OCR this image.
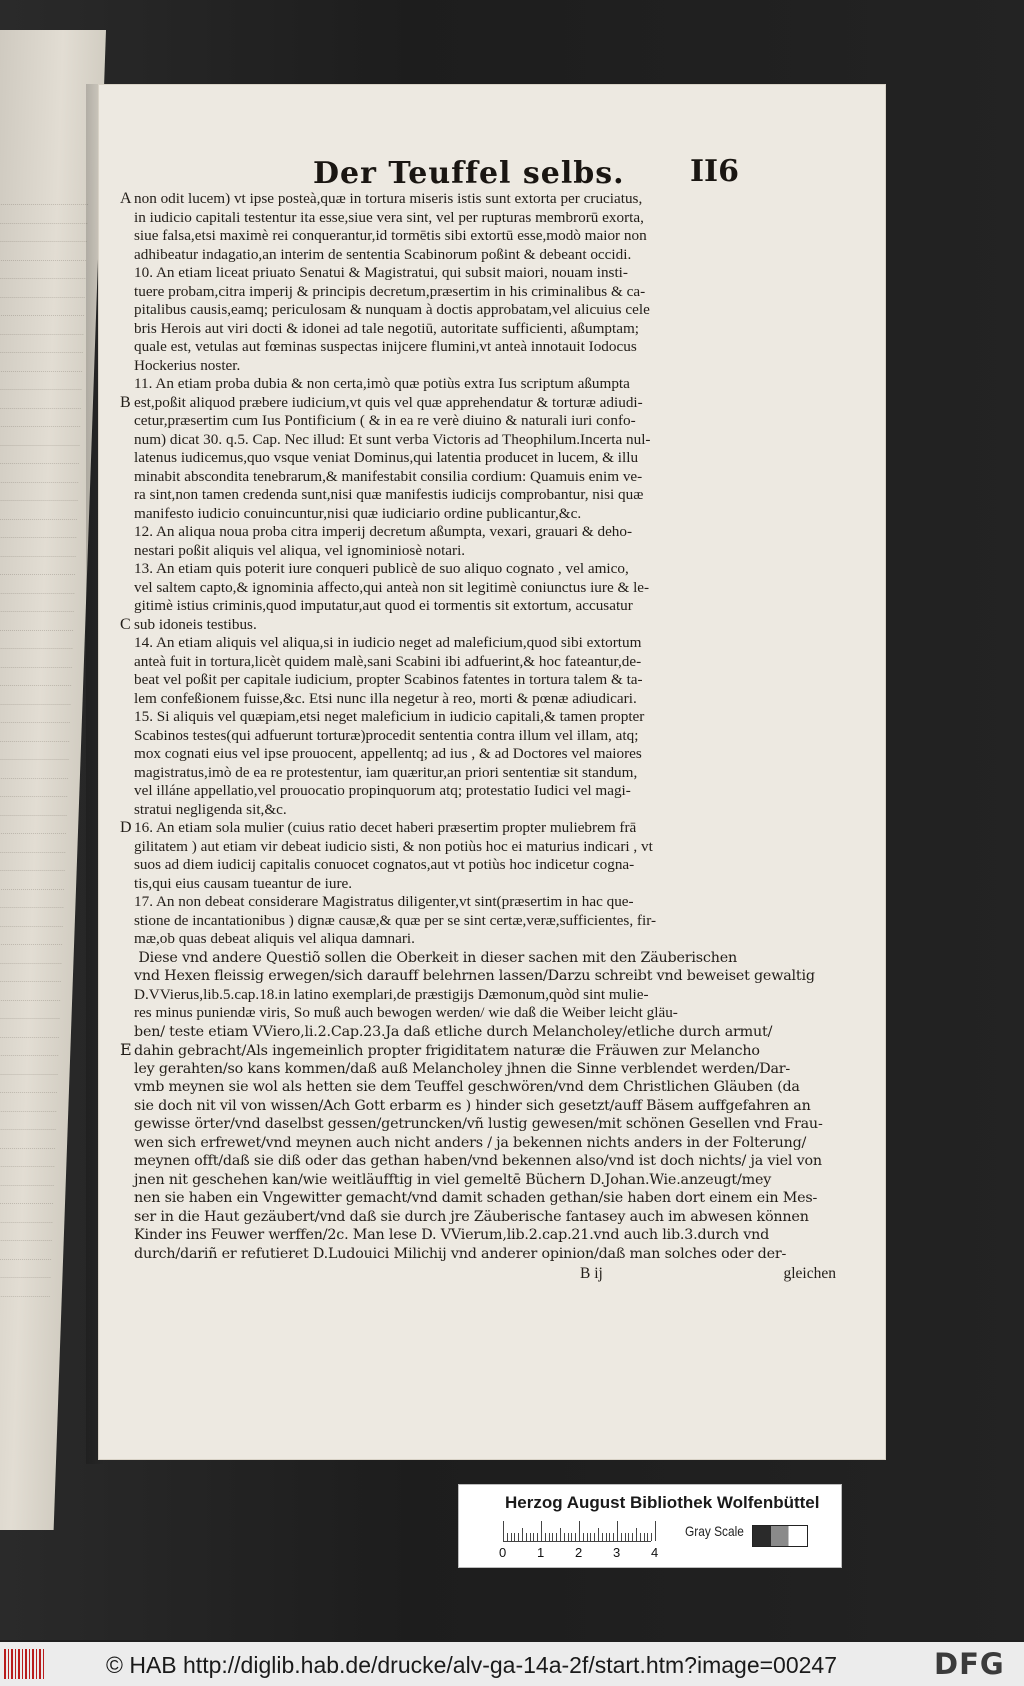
Der Teuffel selbs. II6
A non odit lucem) vt ipse posteà,quæ in tortura miseris istis sunt extorta per cruciatus,
in iudicio capitali testentur ita esse,siue vera sint, vel per rupturas membrorū exorta,
siue falsa,etsi maximè rei conquerantur,id tormētis sibi extortū esse,modò maior non
adhibeatur indagatio,an interim de sententia Scabinorum poßint & debeant occidi.
10. An etiam liceat priuato Senatui & Magistratui, qui subsit maiori, nouam insti-
tuere probam,citra imperij & principis decretum,præsertim in his criminalibus & ca-
pitalibus causis,eamq; periculosam & nunquam à doctis approbatam,vel alicuius cele
bris Herois aut viri docti & idonei ad tale negotiū, autoritate sufficienti, aßumptam;
quale est, vetulas aut fœminas suspectas inijcere flumini,vt anteà innotauit Iodocus
Hockerius noster.
11. An etiam proba dubia & non certa,imò quæ potiùs extra Ius scriptum aßumpta
B est,poßit aliquod præbere iudicium,vt quis vel quæ apprehendatur & torturæ adiudi-
cetur,præsertim cum Ius Pontificium ( & in ea re verè diuino & naturali iuri confo-
num) dicat 30. q.5. Cap. Nec illud: Et sunt verba Victoris ad Theophilum.Incerta nul-
latenus iudicemus,quo vsque veniat Dominus,qui latentia producet in lucem, & illu
minabit abscondita tenebrarum,& manifestabit consilia cordium: Quamuis enim ve-
ra sint,non tamen credenda sunt,nisi quæ manifestis iudicijs comprobantur, nisi quæ
manifesto iudicio conuincuntur,nisi quæ iudiciario ordine publicantur,&c.
12. An aliqua noua proba citra imperij decretum aßumpta, vexari, grauari & deho-
nestari poßit aliquis vel aliqua, vel ignominiosè notari.
13. An etiam quis poterit iure conqueri publicè de suo aliquo cognato , vel amico,
vel saltem capto,& ignominia affecto,qui anteà non sit legitimè coniunctus iure & le-
gitimè istius criminis,quod imputatur,aut quod ei tormentis sit extortum, accusatur
C sub idoneis testibus.
14. An etiam aliquis vel aliqua,si in iudicio neget ad maleficium,quod sibi extortum
anteà fuit in tortura,licèt quidem malè,sani Scabini ibi adfuerint,& hoc fateantur,de-
beat vel poßit per capitale iudicium, propter Scabinos fatentes in tortura talem & ta-
lem confeßionem fuisse,&c. Etsi nunc illa negetur à reo, morti & pœnæ adiudicari.
15. Si aliquis vel quæpiam,etsi neget maleficium in iudicio capitali,& tamen propter
Scabinos testes(qui adfuerunt torturæ)procedit sententia contra illum vel illam, atq;
mox cognati eius vel ipse prouocent, appellentq; ad ius , & ad Doctores vel maiores
magistratus,imò de ea re protestentur, iam quæritur,an priori sententiæ sit standum,
vel illáne appellatio,vel prouocatio propinquorum atq; protestatio Iudici vel magi-
stratui negligenda sit,&c.
D 16. An etiam sola mulier (cuius ratio decet haberi præsertim propter muliebrem frā
gilitatem ) aut etiam vir debeat iudicio sisti, & non potiùs hoc ei maturius indicari , vt
suos ad diem iudicij capitalis conuocet cognatos,aut vt potiùs hoc indicetur cogna-
tis,qui eius causam tueantur de iure.
17. An non debeat considerare Magistratus diligenter,vt sint(præsertim in hac que-
stione de incantationibus ) dignæ causæ,& quæ per se sint certæ,veræ,sufficientes, fir-
mæ,ob quas debeat aliquis vel aliqua damnari.
Diese vnd andere Questiõ sollen die Oberkeit in dieser sachen mit den Zäuberischen
vnd Hexen fleissig erwegen/sich darauff belehrnen lassen/Darzu schreibt vnd beweiset gewaltig
D.VVierus,lib.5.cap.18.in latino exemplari,de præstigijs Dæmonum,quòd sint mulie-
res minus puniendæ viris, So muß auch bewogen werden/ wie daß die Weiber leicht gläu-
ben/ teste etiam VViero,li.2.Cap.23.Ja daß etliche durch Melancholey/etliche durch armut/
E dahin gebracht/Als ingemeinlich propter frigiditatem naturæ die Fräuwen zur Melancho
ley gerahten/so kans kommen/daß auß Melancholey jhnen die Sinne verblendet werden/Dar-
vmb meynen sie wol als hetten sie dem Teuffel geschwören/vnd dem Christlichen Gläuben (da
sie doch nit vil von wissen/Ach Gott erbarm es ) hinder sich gesetzt/auff Bäsem auffgefahren an
gewisse örter/vnd daselbst gessen/getruncken/vñ lustig gewesen/mit schönen Gesellen vnd Frau-
wen sich erfrewet/vnd meynen auch nicht anders / ja bekennen nichts anders in der Folterung/
meynen offt/daß sie diß oder das gethan haben/vnd bekennen also/vnd ist doch nichts/ ja viel von
jnen nit geschehen kan/wie weitläufftig in viel gemeltē Büchern D.Johan.Wie.anzeugt/mey
nen sie haben ein Vngewitter gemacht/vnd damit schaden gethan/sie haben dort einem ein Mes-
ser in die Haut gezäubert/vnd daß sie durch jre Zäuberische fantasey auch im abwesen können
Kinder ins Feuwer werffen/2c. Man lese D. VVierum,lib.2.cap.21.vnd auch lib.3.durch vnd
durch/dariñ er refutieret D.Ludouici Milichij vnd anderer opinion/daß man solches oder der-
B ij	gleichen
Herzog August Bibliothek Wolfenbüttel
0 1 2 3 4
Gray Scale
© HAB http://diglib.hab.de/drucke/alv-ga-14a-2f/start.htm?image=00247	DFG
